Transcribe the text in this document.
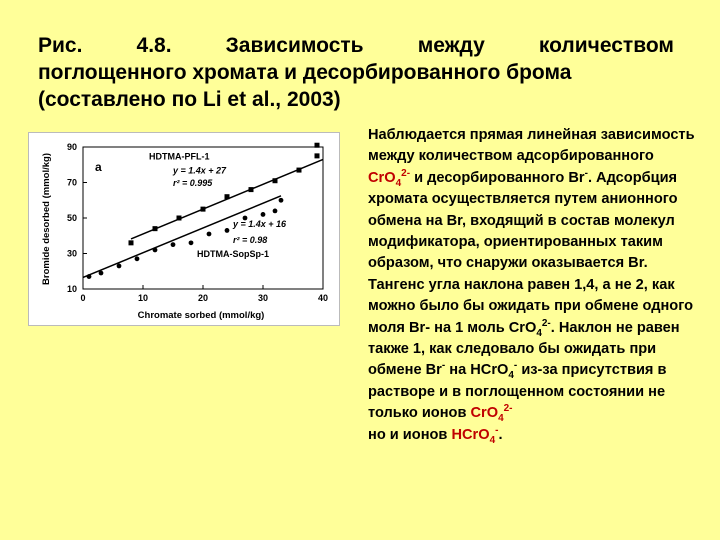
Рис.	4.8.	Зависимость	между	количеством
поглощенного хромата и десорбированного брома
(составлено по Li et al., 2003)
Bromide desorbed (mmol/kg)
Chromate sorbed (mmol/kg)
a
0	10	20	30	40
10
30
50
70
90
HDTMA-PFL-1
y = 1.4x + 27
r² = 0.995
y = 1.4x + 16
r² = 0.98
HDTMA-SopSp-1
Наблюдается прямая линейная зависимость между количеством адсорбированного CrO$_4^{2-}$ и десорбированного Br-. Адсорбция хромата осуществляется путем анионного обмена на Br, входящий в состав молекул модификатора, ориентированных таким образом, что снаружи оказывается Br. Тангенс угла наклона равен 1,4, а не 2, как можно было бы ожидать при обмене одного моля Br- на 1 моль CrO$_4^{2-}$. Наклон не равен также 1, как следовало бы ожидать при обмене Br- на HCrO$_4$- из-за присутствия в растворе и в поглощенном состоянии не только ионов CrO$_4^{2-}$
но и ионов HCrO$_4$-.
